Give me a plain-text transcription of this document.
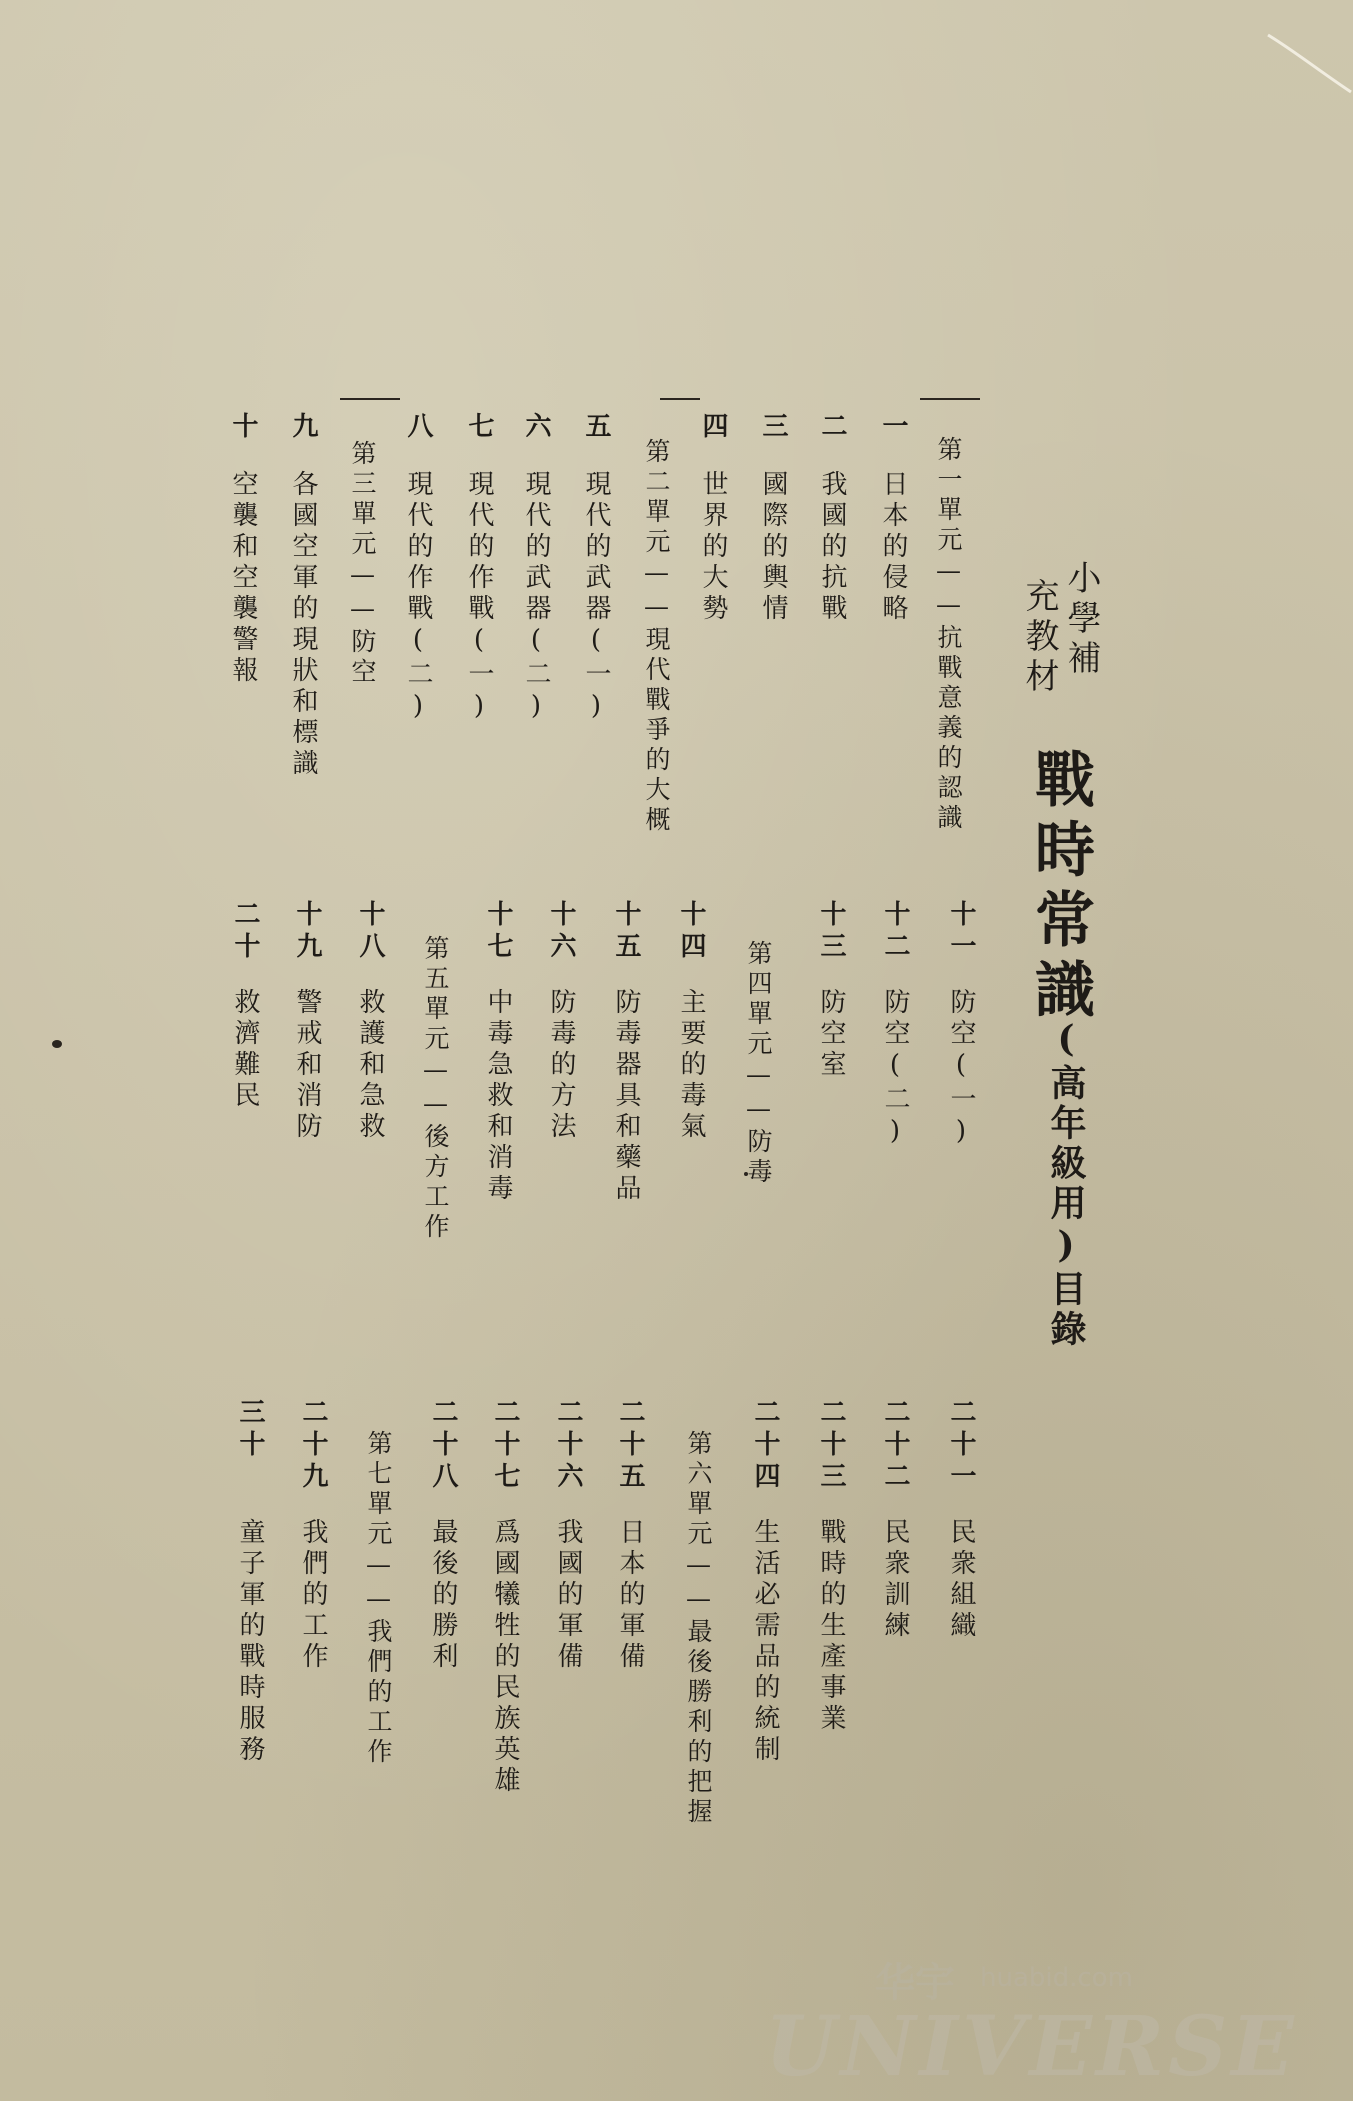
小學補
充教材
戰時常識
(高年級用)目錄
一
二
三
四
五
六
七
八
九
十
第一單元——抗戰意義的認識
日本的侵略
我國的抗戰
國際的輿情
世界的大勢
第二單元——現代戰爭的大概
現代的武器(一)
現代的武器(二)
現代的作戰(一)
現代的作戰(二)
第三單元——防空
各國空軍的現狀和標識
空襲和空襲警報
十一
十二
十三
十四
十五
十六
十七
十八
十九
二十
防空(一)
防空(二)
防空室
第四單元——防毒
主要的毒氣
防毒器具和藥品
防毒的方法
中毒急救和消毒
第五單元——後方工作
救護和急救
警戒和消防
救濟難民
二十一
二十二
二十三
二十四
二十五
二十六
二十七
二十八
二十九
三十
民衆組織
民衆訓練
戰時的生產事業
生活必需品的統制
第六單元——最後勝利的把握
日本的軍備
我國的軍備
爲國犧牲的民族英雄
最後的勝利
第七單元——我們的工作
我們的工作
童子軍的戰時服務
华宇 huabid.com
UNIVERSE
